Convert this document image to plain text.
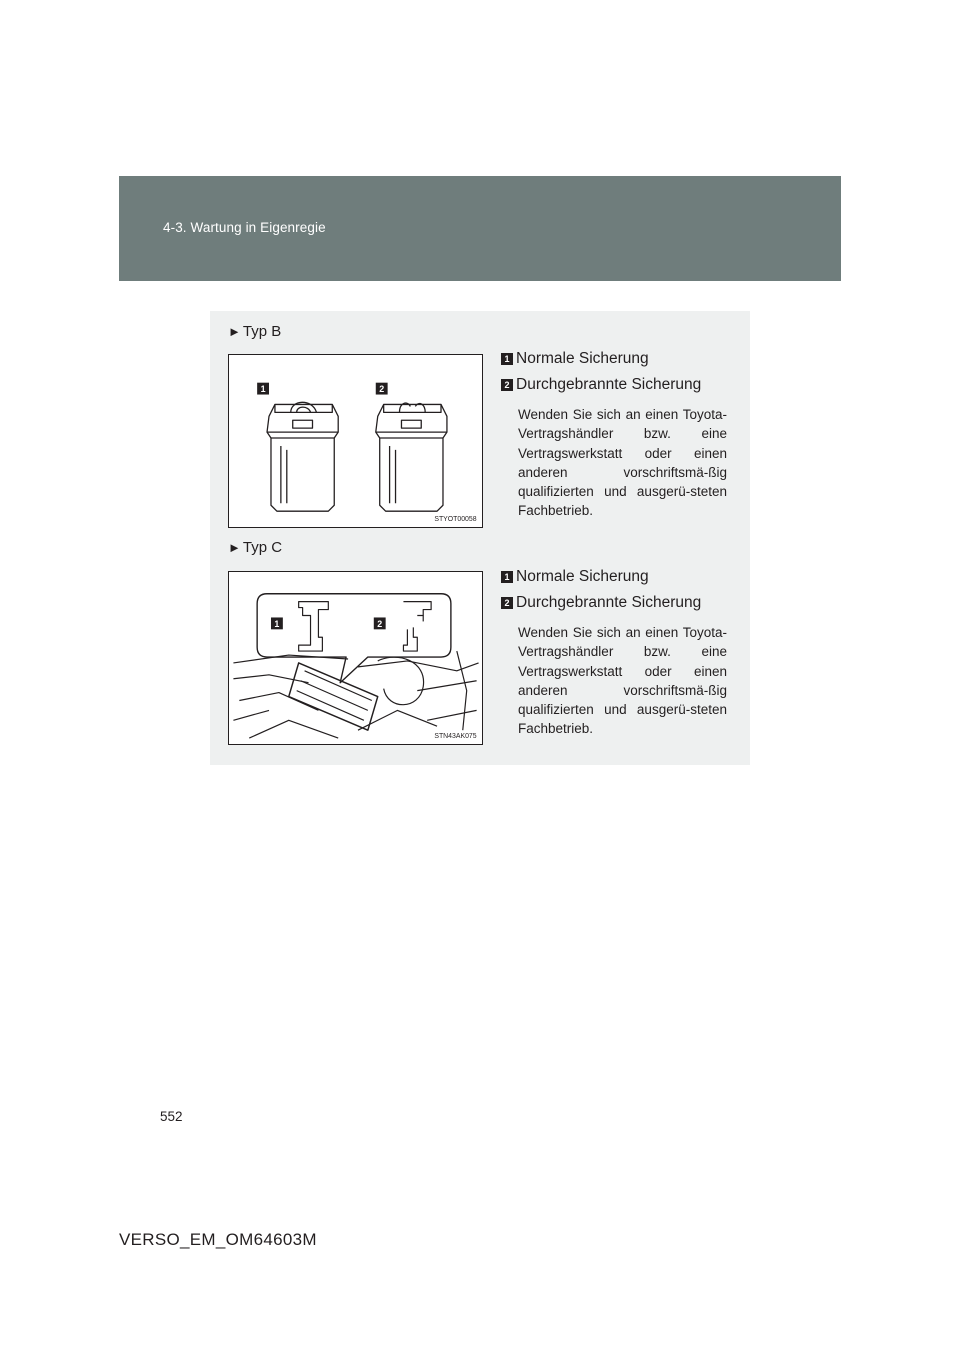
4-3. Wartung in Eigenregie
► Typ B
1	2
STYOT00058
1 Normale Sicherung
2 Durchgebrannte Sicherung
Wenden Sie sich an einen Toyota-Vertragshändler bzw. eine Vertragswerkstatt oder einen anderen vorschriftsmä-ßig qualifizierten und ausgerü-steten Fachbetrieb.
► Typ C
1	2
STN43AK075
1 Normale Sicherung
2 Durchgebrannte Sicherung
Wenden Sie sich an einen Toyota-Vertragshändler bzw. eine Vertragswerkstatt oder einen anderen vorschriftsmä-ßig qualifizierten und ausgerü-steten Fachbetrieb.
552
VERSO_EM_OM64603M
